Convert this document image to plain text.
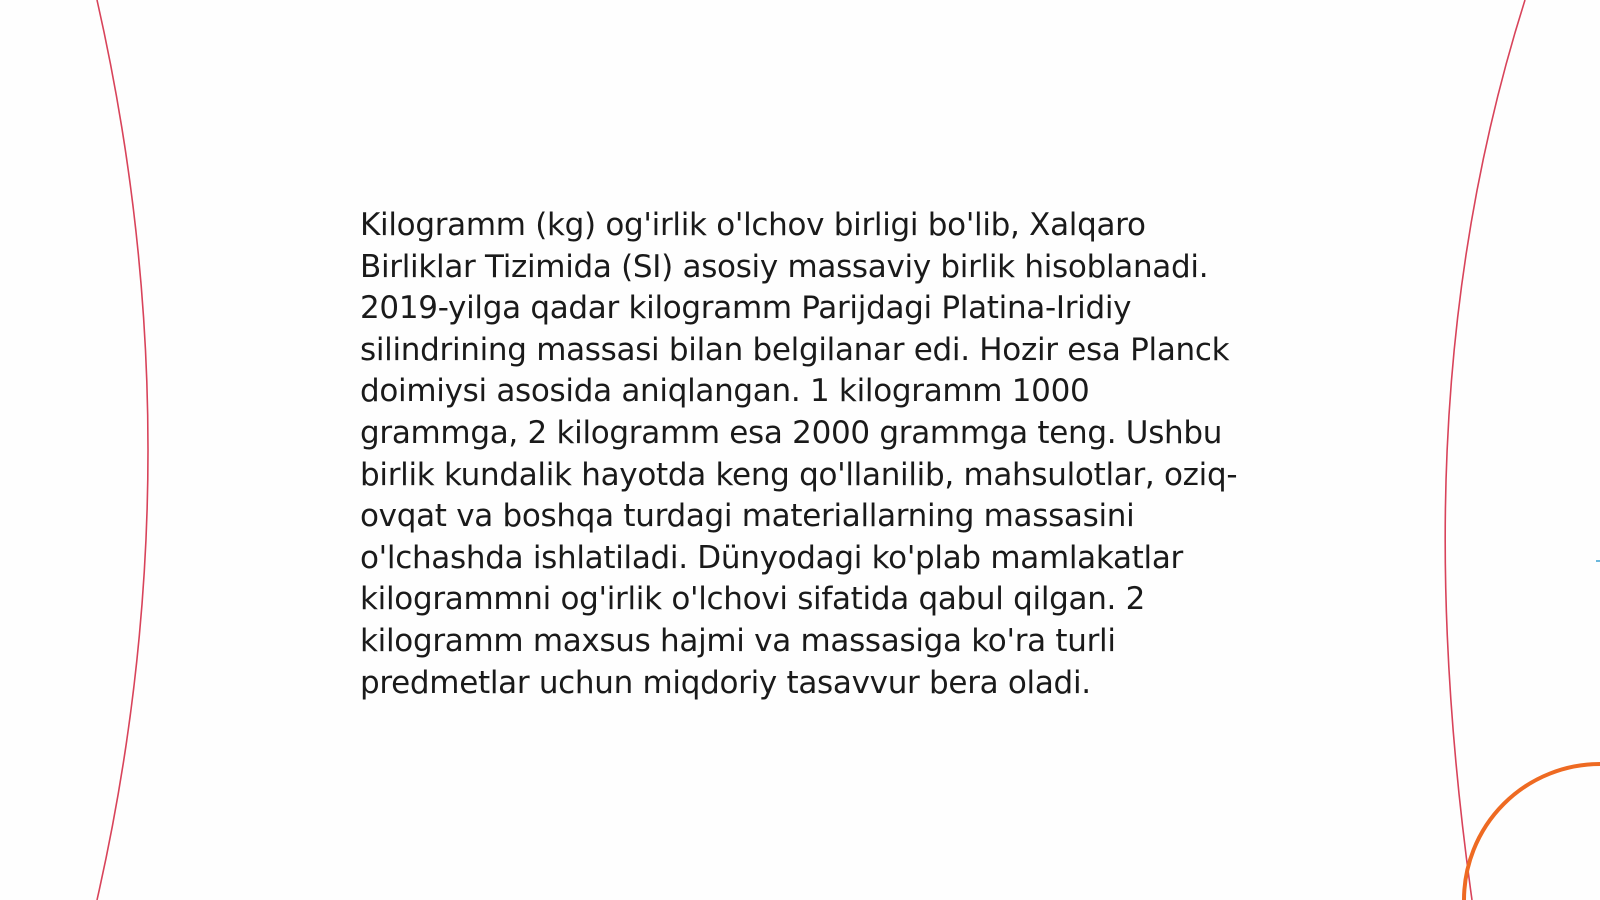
Kilogramm (kg) og'irlik o'lchov birligi bo'lib, Xalqaro Birliklar Tizimida (SI) asosiy massaviy birlik hisoblanadi. 2019-yilga qadar kilogramm Parijdagi Platina-Iridiy silindrining massasi bilan belgilanar edi. Hozir esa Planck doimiysi asosida aniqlangan. 1 kilogramm 1000 grammga, 2 kilogramm esa 2000 grammga teng. Ushbu birlik kundalik hayotda keng qo'llanilib, mahsulotlar, oziq-ovqat va boshqa turdagi materiallarning massasini o'lchashda ishlatiladi. Dünyodagi ko'plab mamlakatlar kilogrammni og'irlik o'lchovi sifatida qabul qilgan. 2 kilogramm maxsus hajmi va massasiga ko'ra turli predmetlar uchun miqdoriy tasavvur bera oladi.
